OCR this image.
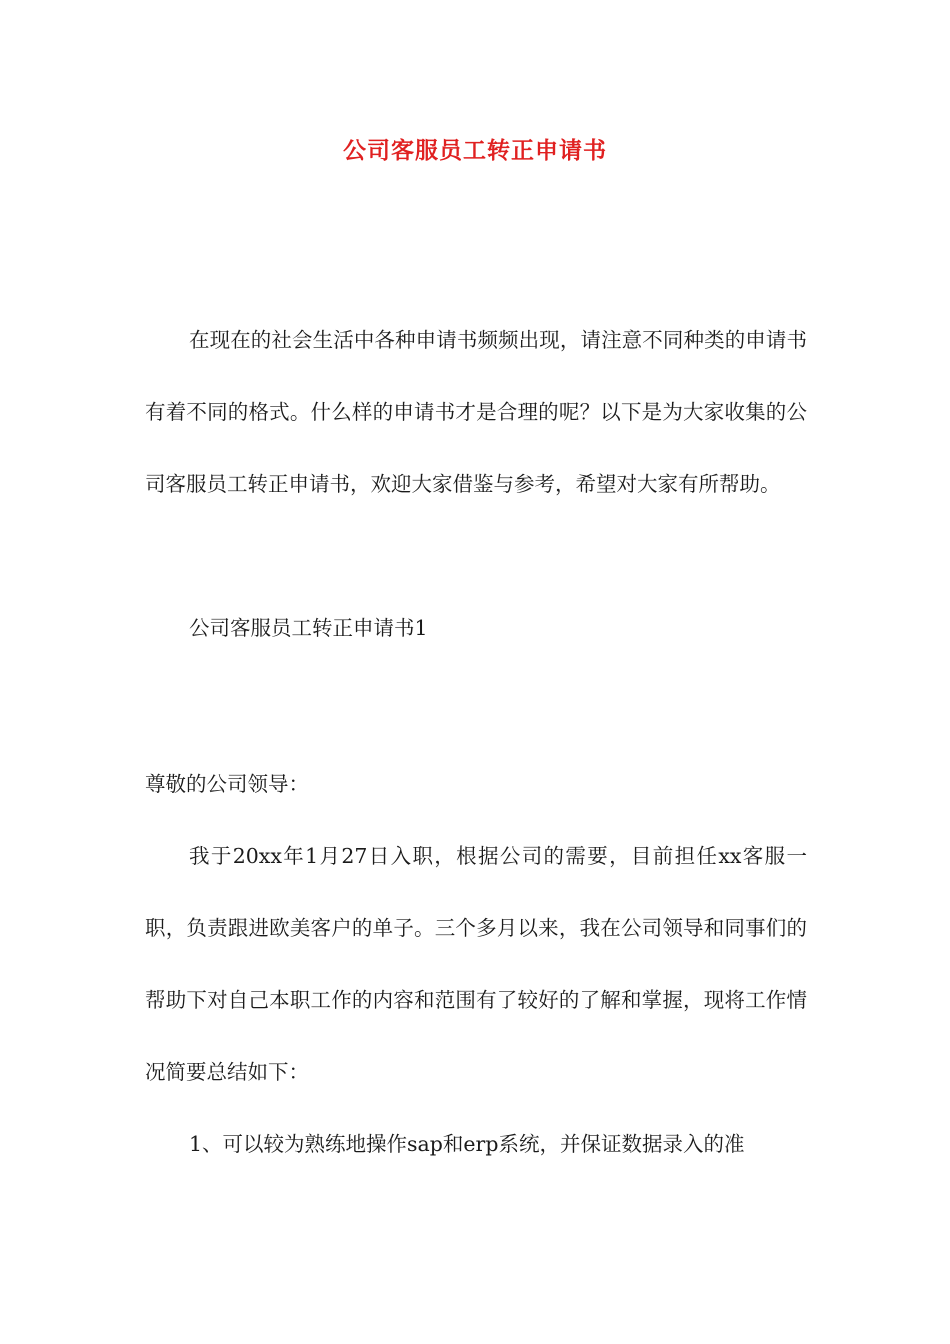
公司客服员工转正申请书

在现在的社会生活中各种申请书频频出现，请注意不同种类的申请书有着不同的格式。什么样的申请书才是合理的呢？以下是为大家收集的公司客服员工转正申请书，欢迎大家借鉴与参考，希望对大家有所帮助。

公司客服员工转正申请书1

尊敬的公司领导：

我于20xx年1月27日入职，根据公司的需要，目前担任xx客服一职，负责跟进欧美客户的单子。三个多月以来，我在公司领导和同事们的帮助下对自己本职工作的内容和范围有了较好的了解和掌握，现将工作情况简要总结如下：

1、可以较为熟练地操作sap和erp系统，并保证数据录入的准
